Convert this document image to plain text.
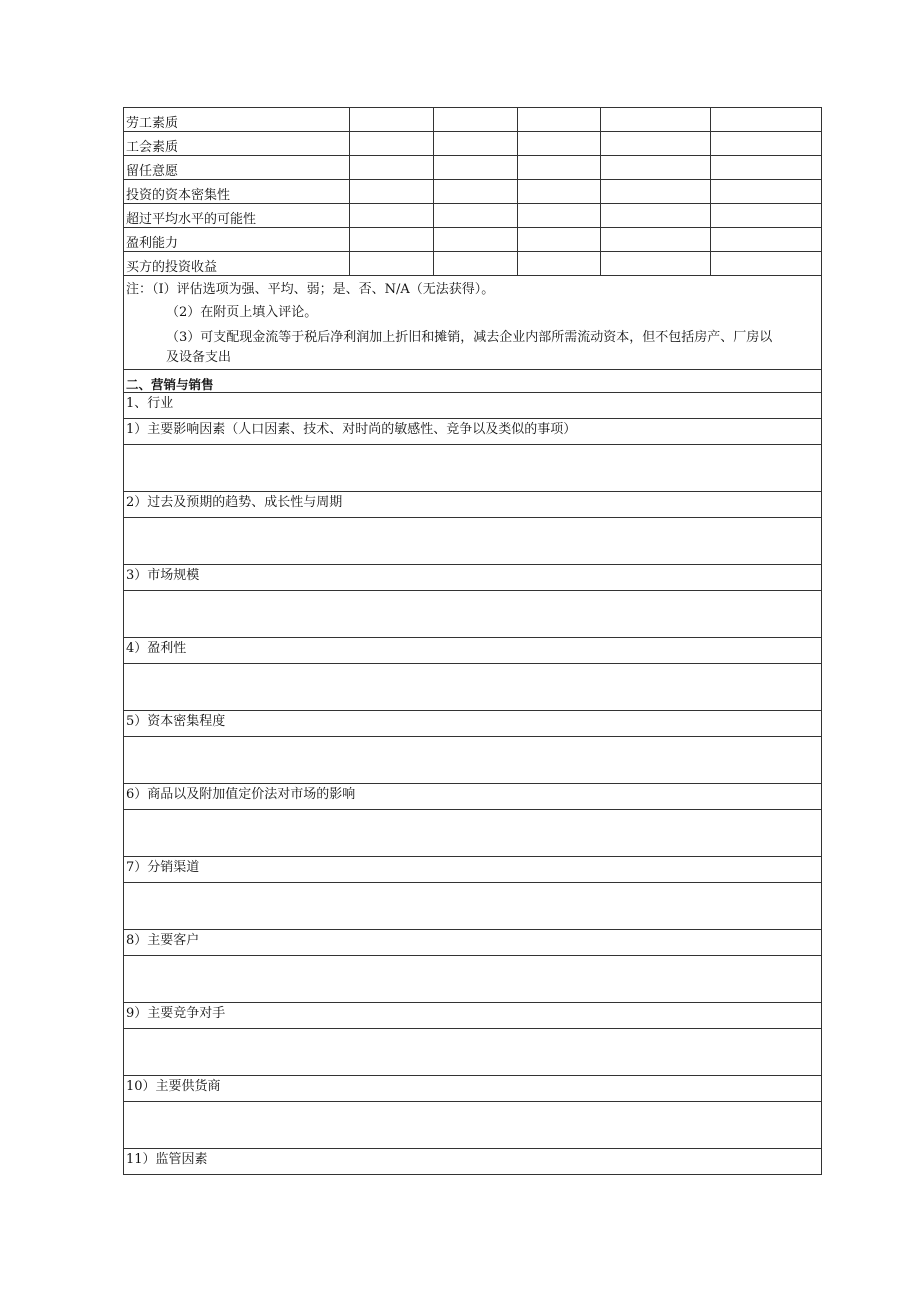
劳工素质					
工会素质					
留任意愿					
投资的资本密集性					
超过平均水平的可能性					
盈利能力					
买方的投资收益					

注：（I）评估选项为强、平均、弱；是、否、N/A（无法获得）。

（2）在附页上填入评论。

（3）可支配现金流等于税后净利润加上折旧和摊销，减去企业内部所需流动资本，但不包括房产、厂房以
及设备支出					

二、营销与销售					
1、行业					
1）主要影响因素（人口因素、技术、对时尚的敏感性、竞争以及类似的事项）					

2）过去及预期的趋势、成长性与周期					

3）市场规模					

4）盈利性					

5）资本密集程度					

6）商品以及附加值定价法对市场的影响					

7）分销渠道					

8）主要客户					

9）主要竞争对手					

10）主要供货商					

11）监管因素					
